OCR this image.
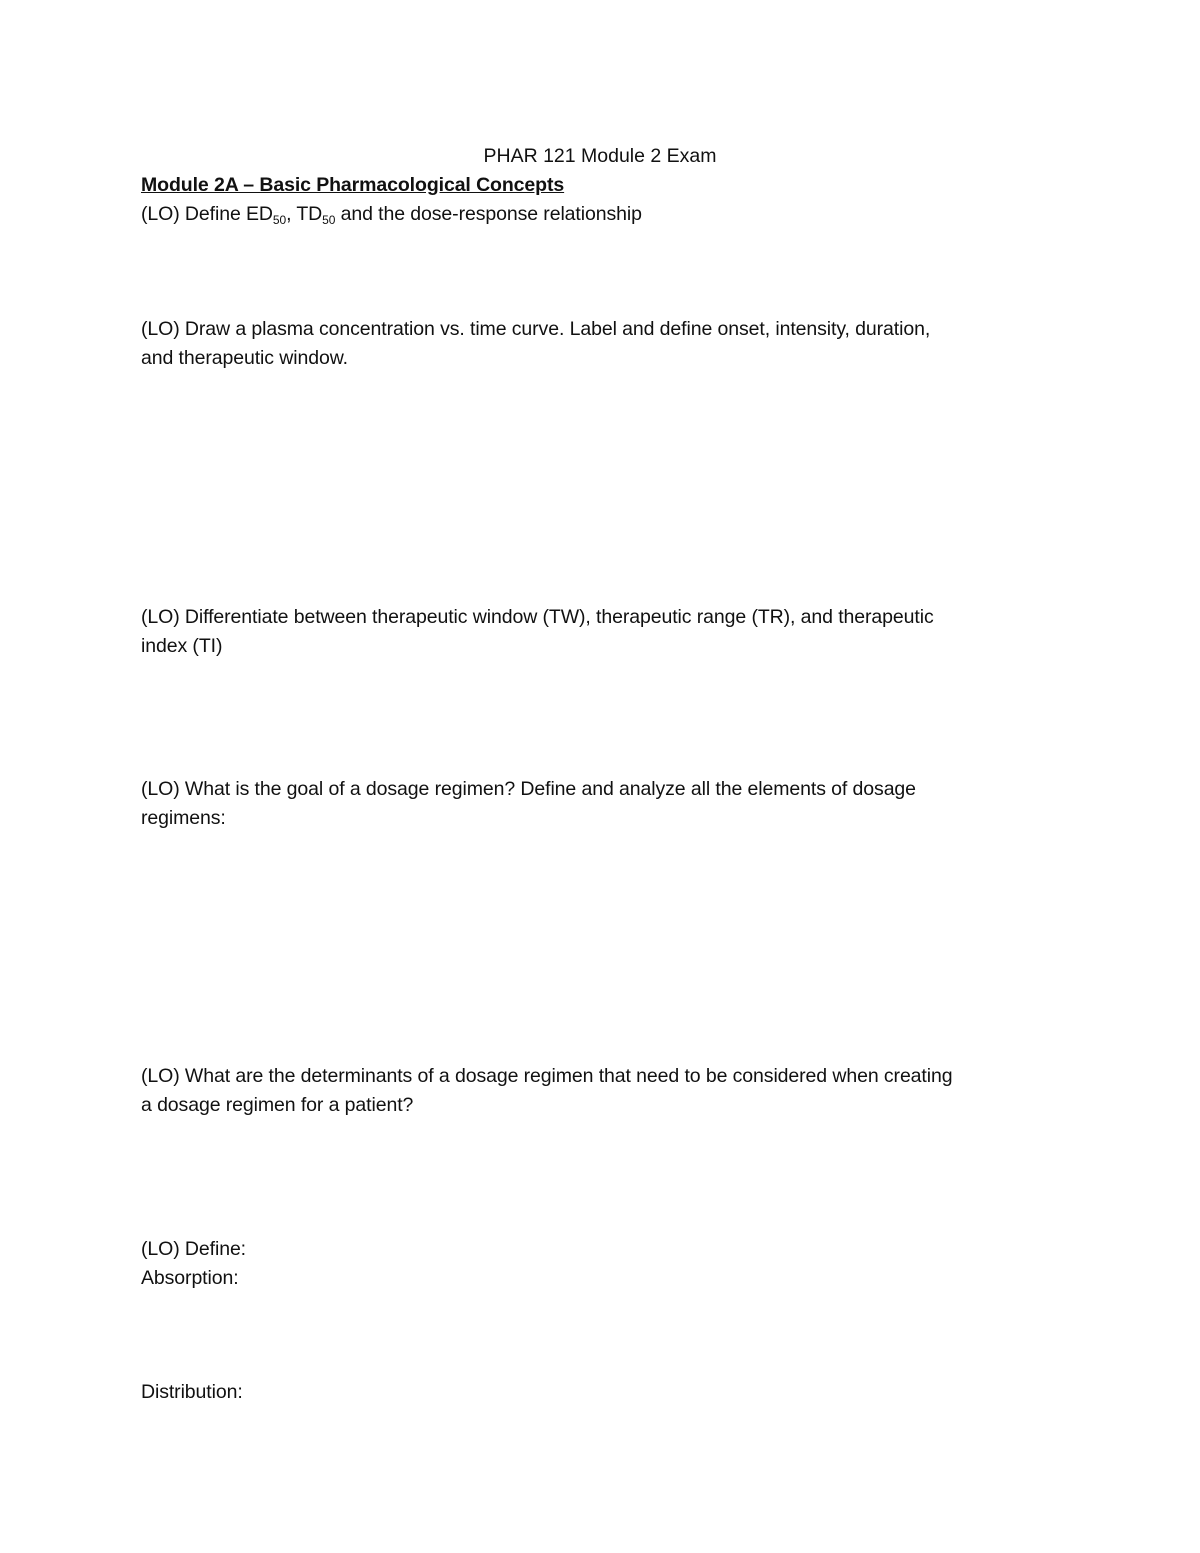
PHAR 121 Module 2 Exam
Module 2A – Basic Pharmacological Concepts
(LO) Define $ED_{50}$, $TD_{50}$ and the dose-response relationship
(LO) Draw a plasma concentration vs. time curve. Label and define onset, intensity, duration,
and therapeutic window.
(LO) Differentiate between therapeutic window (TW), therapeutic range (TR), and therapeutic
index (TI)
(LO) What is the goal of a dosage regimen? Define and analyze all the elements of dosage
regimens:
(LO) What are the determinants of a dosage regimen that need to be considered when creating
a dosage regimen for a patient?
(LO) Define:
Absorption:
Distribution:
